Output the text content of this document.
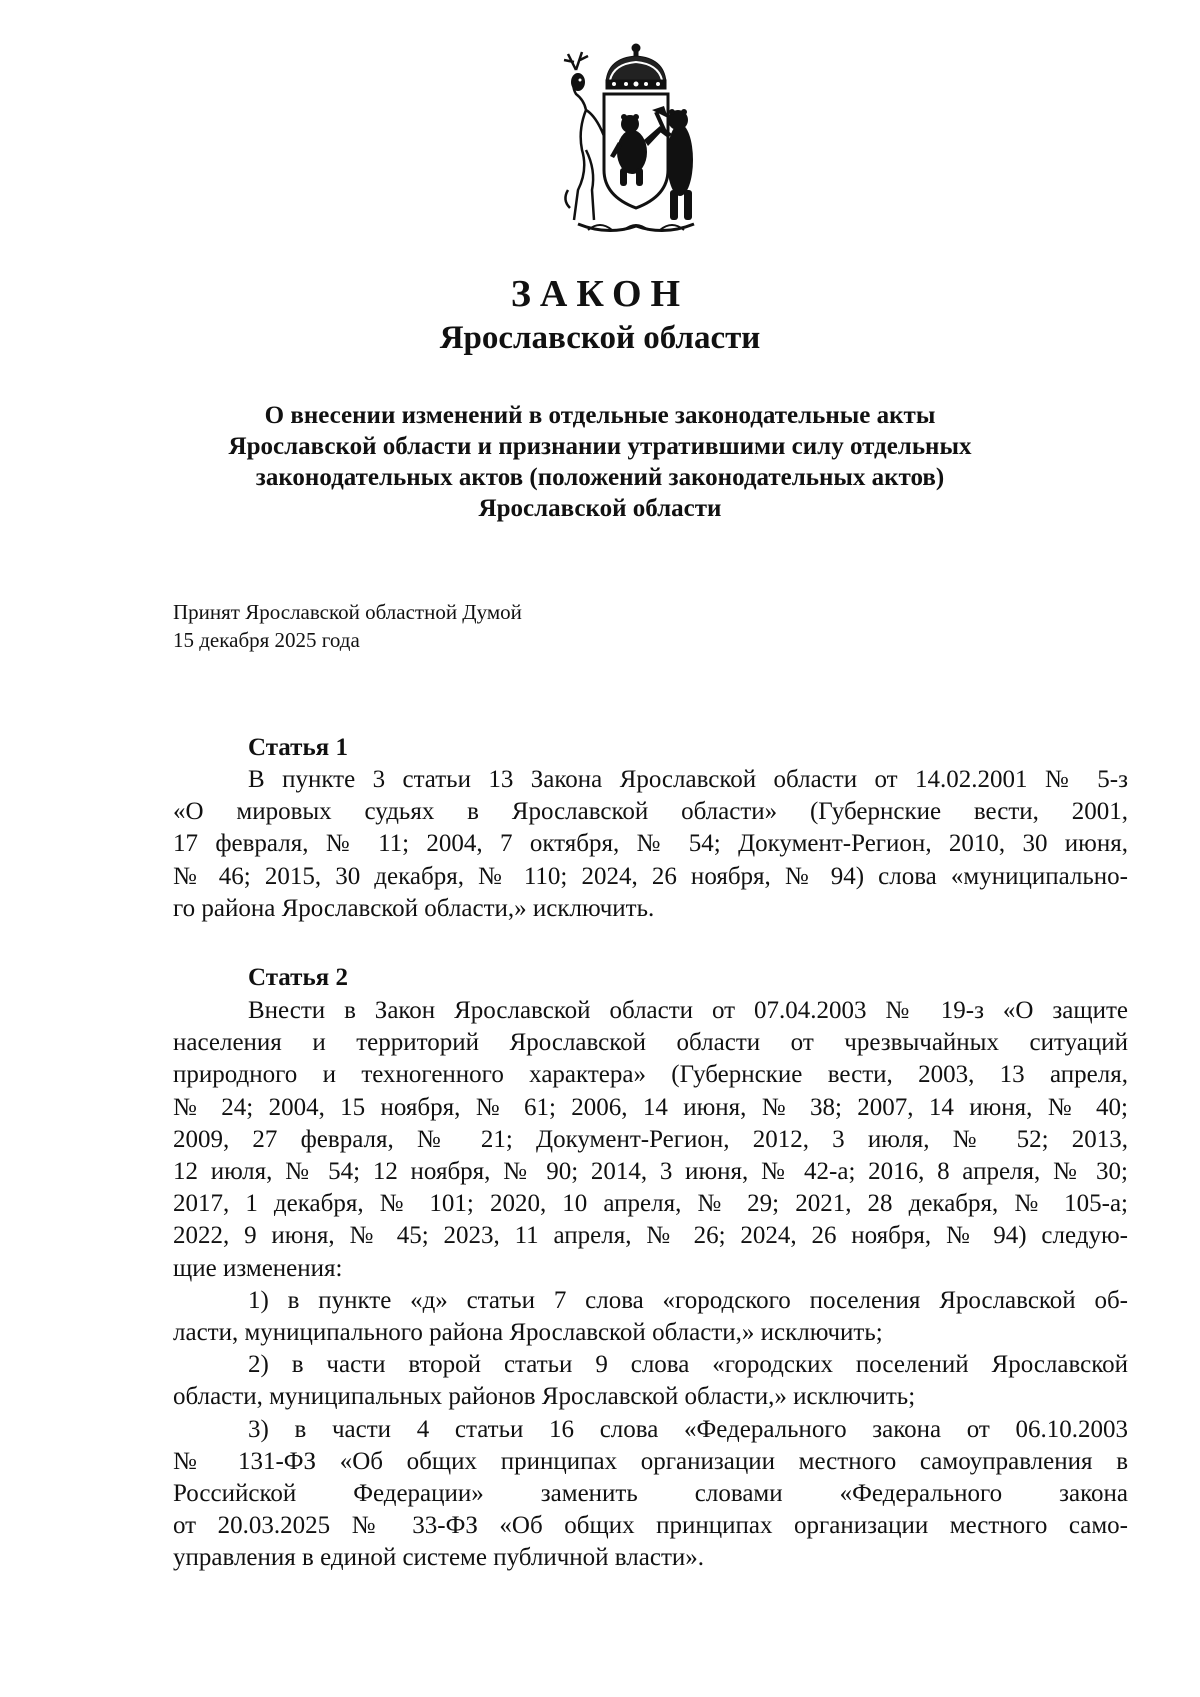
ЗАКОН
Ярославской области
О внесении изменений в отдельные законодательные акты
Ярославской области и признании утратившими силу отдельных
законодательных актов (положений законодательных актов)
Ярославской области
Принят Ярославской областной Думой
15 декабря 2025 года
Статья 1
В пункте 3 статьи 13 Закона Ярославской области от 14.02.2001 № 5-з
«О мировых судьях в Ярославской области» (Губернские вести, 2001,
17 февраля, № 11; 2004, 7 октября, № 54; Документ-Регион, 2010, 30 июня,
№ 46; 2015, 30 декабря, № 110; 2024, 26 ноября, № 94) слова «муниципально-
го района Ярославской области,» исключить.
Статья 2
Внести в Закон Ярославской области от 07.04.2003 № 19-з «О защите
населения и территорий Ярославской области от чрезвычайных ситуаций
природного и техногенного характера» (Губернские вести, 2003, 13 апреля,
№ 24; 2004, 15 ноября, № 61; 2006, 14 июня, № 38; 2007, 14 июня, № 40;
2009, 27 февраля, № 21; Документ-Регион, 2012, 3 июля, № 52; 2013,
12 июля, № 54; 12 ноября, № 90; 2014, 3 июня, № 42-а; 2016, 8 апреля, № 30;
2017, 1 декабря, № 101; 2020, 10 апреля, № 29; 2021, 28 декабря, № 105-а;
2022, 9 июня, № 45; 2023, 11 апреля, № 26; 2024, 26 ноября, № 94) следую-
щие изменения:
1) в пункте «д» статьи 7 слова «городского поселения Ярославской об-
ласти, муниципального района Ярославской области,» исключить;
2) в части второй статьи 9 слова «городских поселений Ярославской
области, муниципальных районов Ярославской области,» исключить;
3) в части 4 статьи 16 слова «Федерального закона от 06.10.2003
№ 131-ФЗ «Об общих принципах организации местного самоуправления в
Российской Федерации» заменить словами «Федерального закона
от 20.03.2025 № 33-ФЗ «Об общих принципах организации местного само-
управления в единой системе публичной власти».
